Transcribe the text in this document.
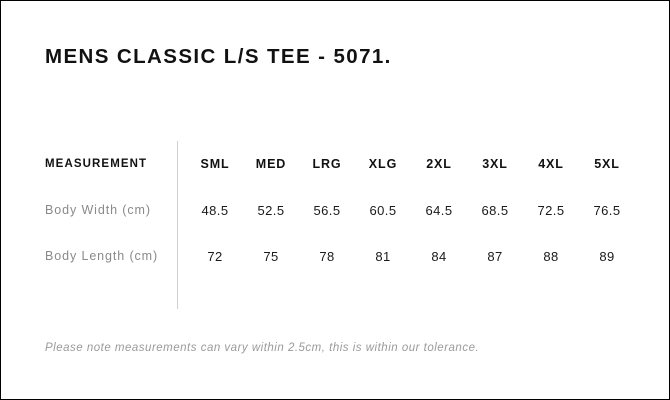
MENS CLASSIC L/S TEE - 5071.
MEASUREMENT		SML	MED	LRG	XLG	2XL	3XL	4XL	5XL
Body Width (cm)		48.5	52.5	56.5	60.5	64.5	68.5	72.5	76.5
Body Length (cm)		72	75	78	81	84	87	88	89
Please note measurements can vary within 2.5cm, this is within our tolerance.
